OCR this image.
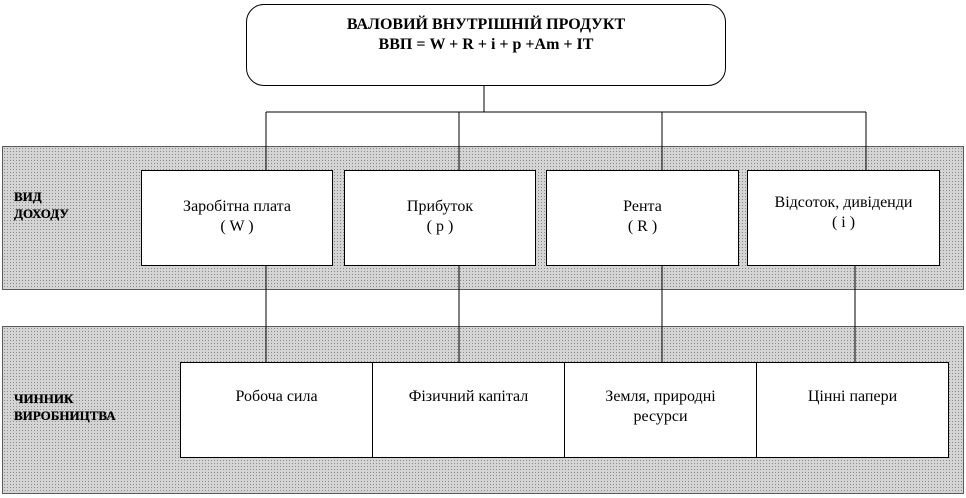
ВИД
ДОХОДУ
ЧИННИК
ВИРОБНИЦТВА
ВАЛОВИЙ ВНУТРІШНІЙ ПРОДУКТ
ВВП = W + R + i + p +Am + IT
Заробітна плата
( W )
Прибуток
( p )
Рента
( R )
Відсоток, дивіденди
( i )
Робоча сила	Фізичний капітал	Земля, природні
ресурси
Цінні папери
